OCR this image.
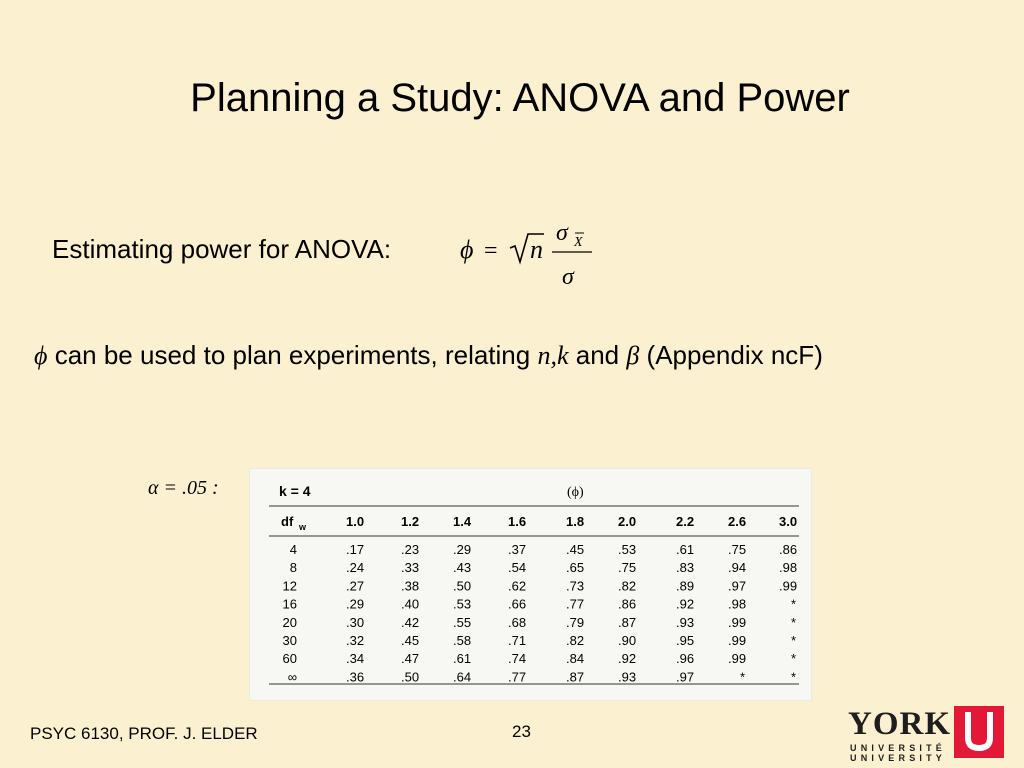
Planning a Study: ANOVA and Power
Estimating power for ANOVA:	ϕ = n
σ X
σ
ϕ can be used to plan experiments, relating n,k and β (Appendix ncF)
α = .05 :	k = 4	(ϕ)
df w	1.0	1.2	1.4	1.6	1.8	2.0	2.2	2.6	3.0
4	.17	.23	.29	.37	.45	.53	.61	.75	.86
8	.24	.33	.43	.54	.65	.75	.83	.94	.98
12	.27	.38	.50	.62	.73	.82	.89	.97	.99
16	.29	.40	.53	.66	.77	.86	.92	.98	*
20	.30	.42	.55	.68	.79	.87	.93	.99	*
30	.32	.45	.58	.71	.82	.90	.95	.99	*
60	.34	.47	.61	.74	.84	.92	.96	.99	*
∞	.36	.50	.64	.77	.87	.93	.97	*	*
PSYC 6130, PROF. J. ELDER	23	YORK
UNIVERSITÉ
UNIVERSITY
